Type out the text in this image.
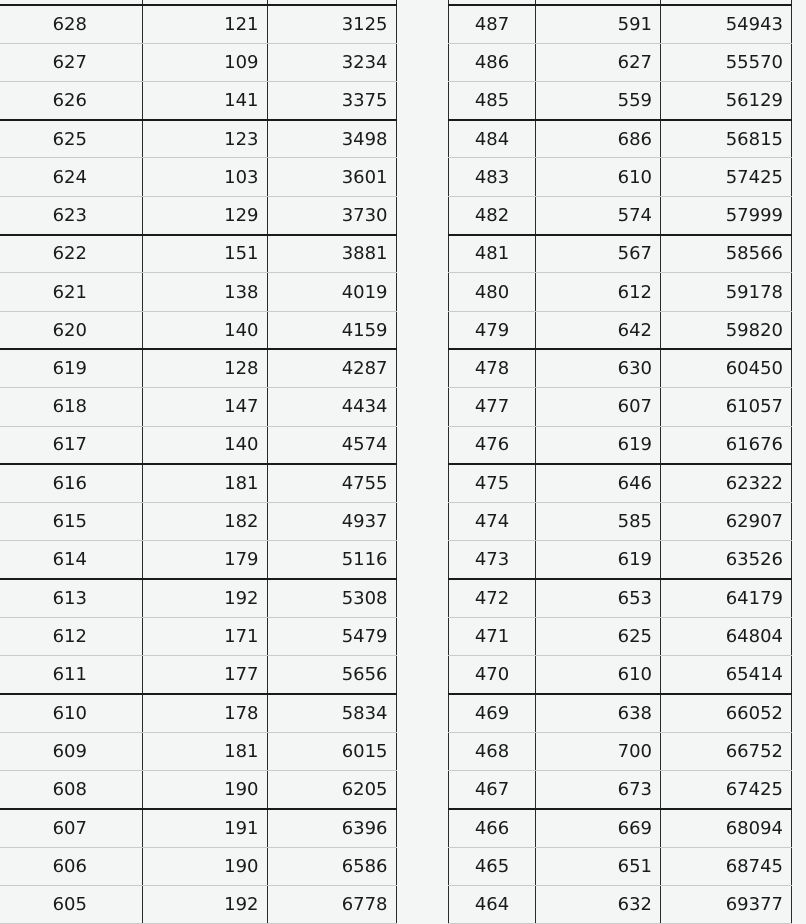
628	121	3125
627	109	3234
626	141	3375
625	123	3498
624	103	3601
623	129	3730
622	151	3881
621	138	4019
620	140	4159
619	128	4287
618	147	4434
617	140	4574
616	181	4755
615	182	4937
614	179	5116
613	192	5308
612	171	5479
611	177	5656
610	178	5834
609	181	6015
608	190	6205
607	191	6396
606	190	6586
605	192	6778

487	591	54943
486	627	55570
485	559	56129
484	686	56815
483	610	57425
482	574	57999
481	567	58566
480	612	59178
479	642	59820
478	630	60450
477	607	61057
476	619	61676
475	646	62322
474	585	62907
473	619	63526
472	653	64179
471	625	64804
470	610	65414
469	638	66052
468	700	66752
467	673	67425
466	669	68094
465	651	68745
464	632	69377
